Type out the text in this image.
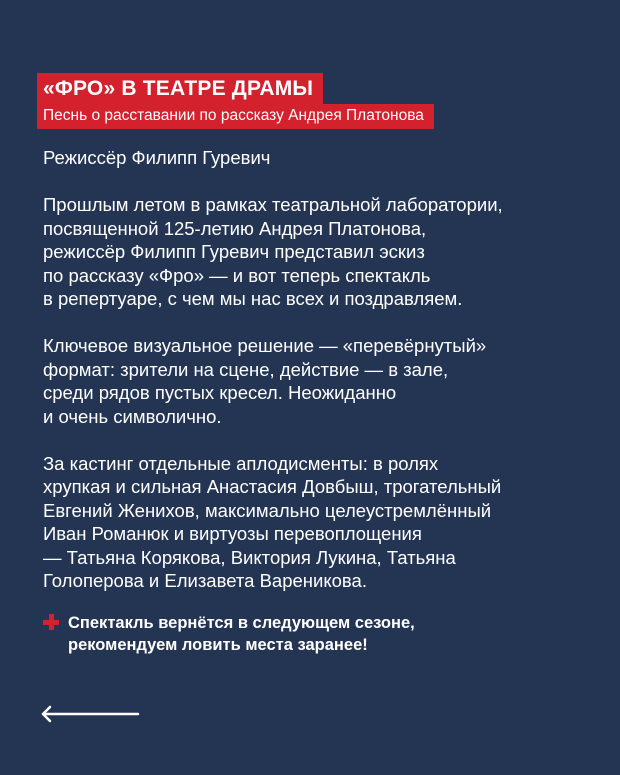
«ФРО» В ТЕАТРЕ ДРАМЫ
Песнь о расставании по рассказу Андрея Платонова

Режиссёр Филипп Гуревич

Прошлым летом в рамках театральной лаборатории,
посвященной 125-летию Андрея Платонова,
режиссёр Филипп Гуревич представил эскиз
по рассказу «Фро» — и вот теперь спектакль
в репертуаре, с чем мы нас всех и поздравляем.

Ключевое визуальное решение — «перевёрнутый»
формат: зрители на сцене, действие — в зале,
среди рядов пустых кресел. Неожиданно
и очень символично.

За кастинг отдельные аплодисменты: в ролях
хрупкая и сильная Анастасия Довбыш, трогательный
Евгений Женихов, максимально целеустремлённый
Иван Романюк и виртуозы перевоплощения
— Татьяна Корякова, Виктория Лукина, Татьяна
Голоперова и Елизавета Вареникова.

Спектакль вернётся в следующем сезоне,
рекомендуем ловить места заранее!
